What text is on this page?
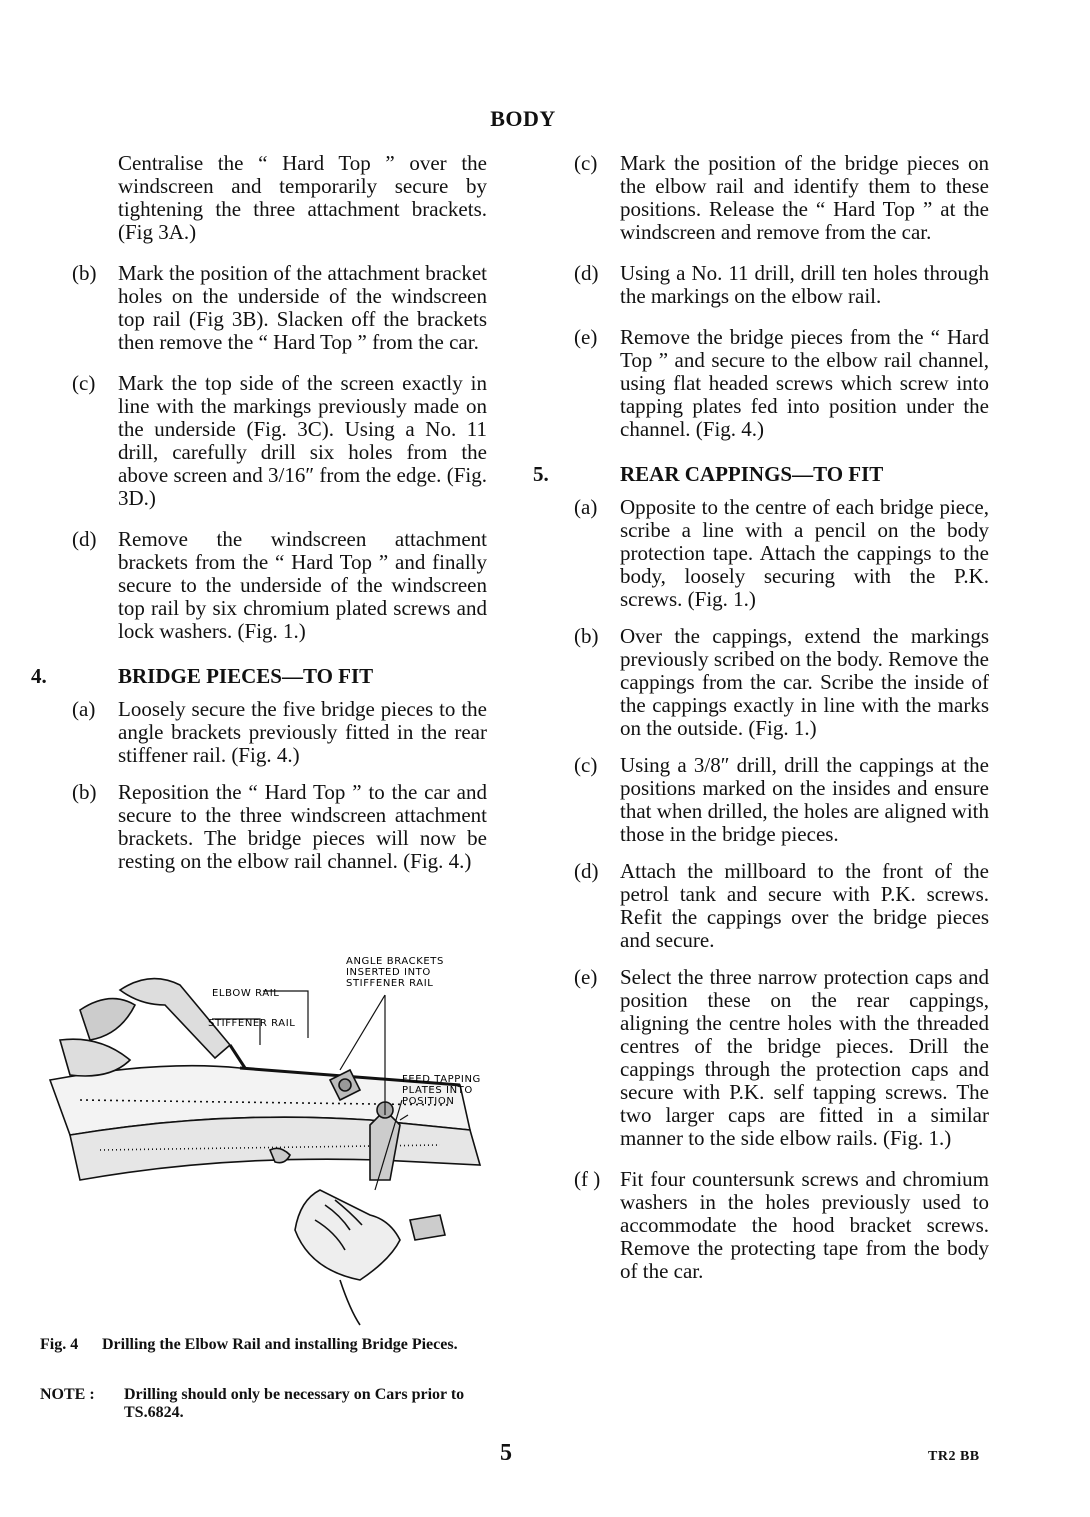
BODY

Centralise the “ Hard Top ” over the windscreen and temporarily secure by tightening the three attachment brackets. (Fig 3A.)

(b) Mark the position of the attachment bracket holes on the underside of the windscreen top rail (Fig 3B). Slacken off the brackets then remove the “ Hard Top ” from the car.

(c) Mark the top side of the screen exactly in line with the markings previously made on the underside (Fig. 3C). Using a No. 11 drill, carefully drill six holes from the above screen and 3/16″ from the edge. (Fig. 3D.)

(d) Remove the windscreen attachment brackets from the “ Hard Top ” and finally secure to the underside of the windscreen top rail by six chromium plated screws and lock washers. (Fig. 1.)

4.	BRIDGE PIECES—TO FIT

(a) Loosely secure the five bridge pieces to the angle brackets previously fitted in the rear stiffener rail. (Fig. 4.)

(b) Reposition the “ Hard Top ” to the car and secure to the three windscreen attachment brackets. The bridge pieces will now be resting on the elbow rail channel. (Fig. 4.)

ANGLE BRACKETS
INSERTED INTO
STIFFENER RAIL
ELBOW RAIL
STIFFENER RAIL
FEED TAPPING
PLATES INTO
POSITION
Fig. 4	Drilling the Elbow Rail and installing Bridge Pieces.
NOTE :	Drilling should only be necessary on Cars prior to TS.6824.

(c) Mark the position of the bridge pieces on the elbow rail and identify them to these positions. Release the “ Hard Top ” at the windscreen and remove from the car.

(d) Using a No. 11 drill, drill ten holes through the markings on the elbow rail.

(e) Remove the bridge pieces from the “ Hard Top ” and secure to the elbow rail channel, using flat headed screws which screw into tapping plates fed into position under the channel. (Fig. 4.)

5.	REAR CAPPINGS—TO FIT

(a) Opposite to the centre of each bridge piece, scribe a line with a pencil on the body protection tape. Attach the cappings to the body, loosely securing with the P.K. screws. (Fig. 1.)

(b) Over the cappings, extend the markings previously scribed on the body. Remove the cappings from the car. Scribe the inside of the cappings exactly in line with the marks on the outside. (Fig. 1.)

(c) Using a 3/8″ drill, drill the cappings at the positions marked on the insides and ensure that when drilled, the holes are aligned with those in the bridge pieces.

(d) Attach the millboard to the front of the petrol tank and secure with P.K. screws. Refit the cappings over the bridge pieces and secure.

(e) Select the three narrow protection caps and position these on the rear cappings, aligning the centre holes with the threaded centres of the bridge pieces. Drill the cappings through the protection caps and secure with P.K. self tapping screws. The two larger caps are fitted in a similar manner to the side elbow rails. (Fig. 1.)

(f ) Fit four countersunk screws and chromium washers in the holes previously used to accommodate the hood bracket screws. Remove the protecting tape from the body of the car.

5	TR2 BB
